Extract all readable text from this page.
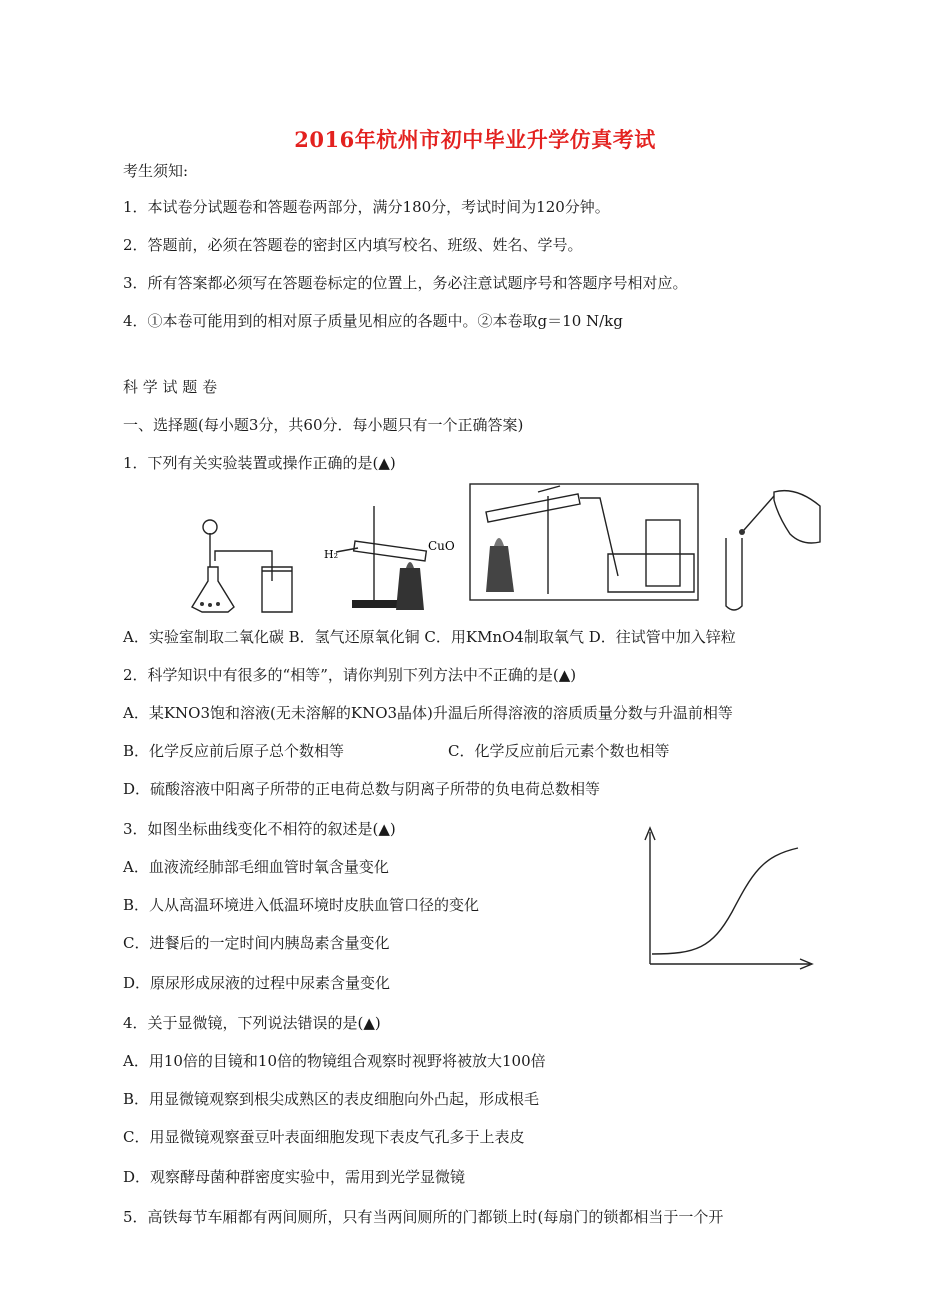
2016年杭州市初中毕业升学仿真考试
考生须知:
1．本试卷分试题卷和答题卷两部分，满分180分，考试时间为120分钟。
2．答题前，必须在答题卷的密封区内填写校名、班级、姓名、学号。
3．所有答案都必须写在答题卷标定的位置上，务必注意试题序号和答题序号相对应。
4．①本卷可能用到的相对原子质量见相应的各题中。②本卷取g＝10 N/kg
科 学 试 题 卷
一、选择题(每小题3分，共60分．每小题只有一个正确答案)
1．下列有关实验装置或操作正确的是(▲)
H₂
CuO
A．实验室制取二氧化碳 B．氢气还原氧化铜 C．用KMnO4制取氧气 D．往试管中加入锌粒
2．科学知识中有很多的“相等”，请你判别下列方法中不正确的是(▲)
A．某KNO3饱和溶液(无未溶解的KNO3晶体)升温后所得溶液的溶质质量分数与升温前相等
B．化学反应前后原子总个数相等	C．化学反应前后元素个数也相等
D．硫酸溶液中阳离子所带的正电荷总数与阴离子所带的负电荷总数相等
3．如图坐标曲线变化不相符的叙述是(▲)
A．血液流经肺部毛细血管时氧含量变化
B．人从高温环境进入低温环境时皮肤血管口径的变化
C．进餐后的一定时间内胰岛素含量变化
D．原尿形成尿液的过程中尿素含量变化
4．关于显微镜，下列说法错误的是(▲)
A．用10倍的目镜和10倍的物镜组合观察时视野将被放大100倍
B．用显微镜观察到根尖成熟区的表皮细胞向外凸起，形成根毛
C．用显微镜观察蚕豆叶表面细胞发现下表皮气孔多于上表皮
D．观察酵母菌种群密度实验中，需用到光学显微镜
5．高铁每节车厢都有两间厕所，只有当两间厕所的门都锁上时(每扇门的锁都相当于一个开
